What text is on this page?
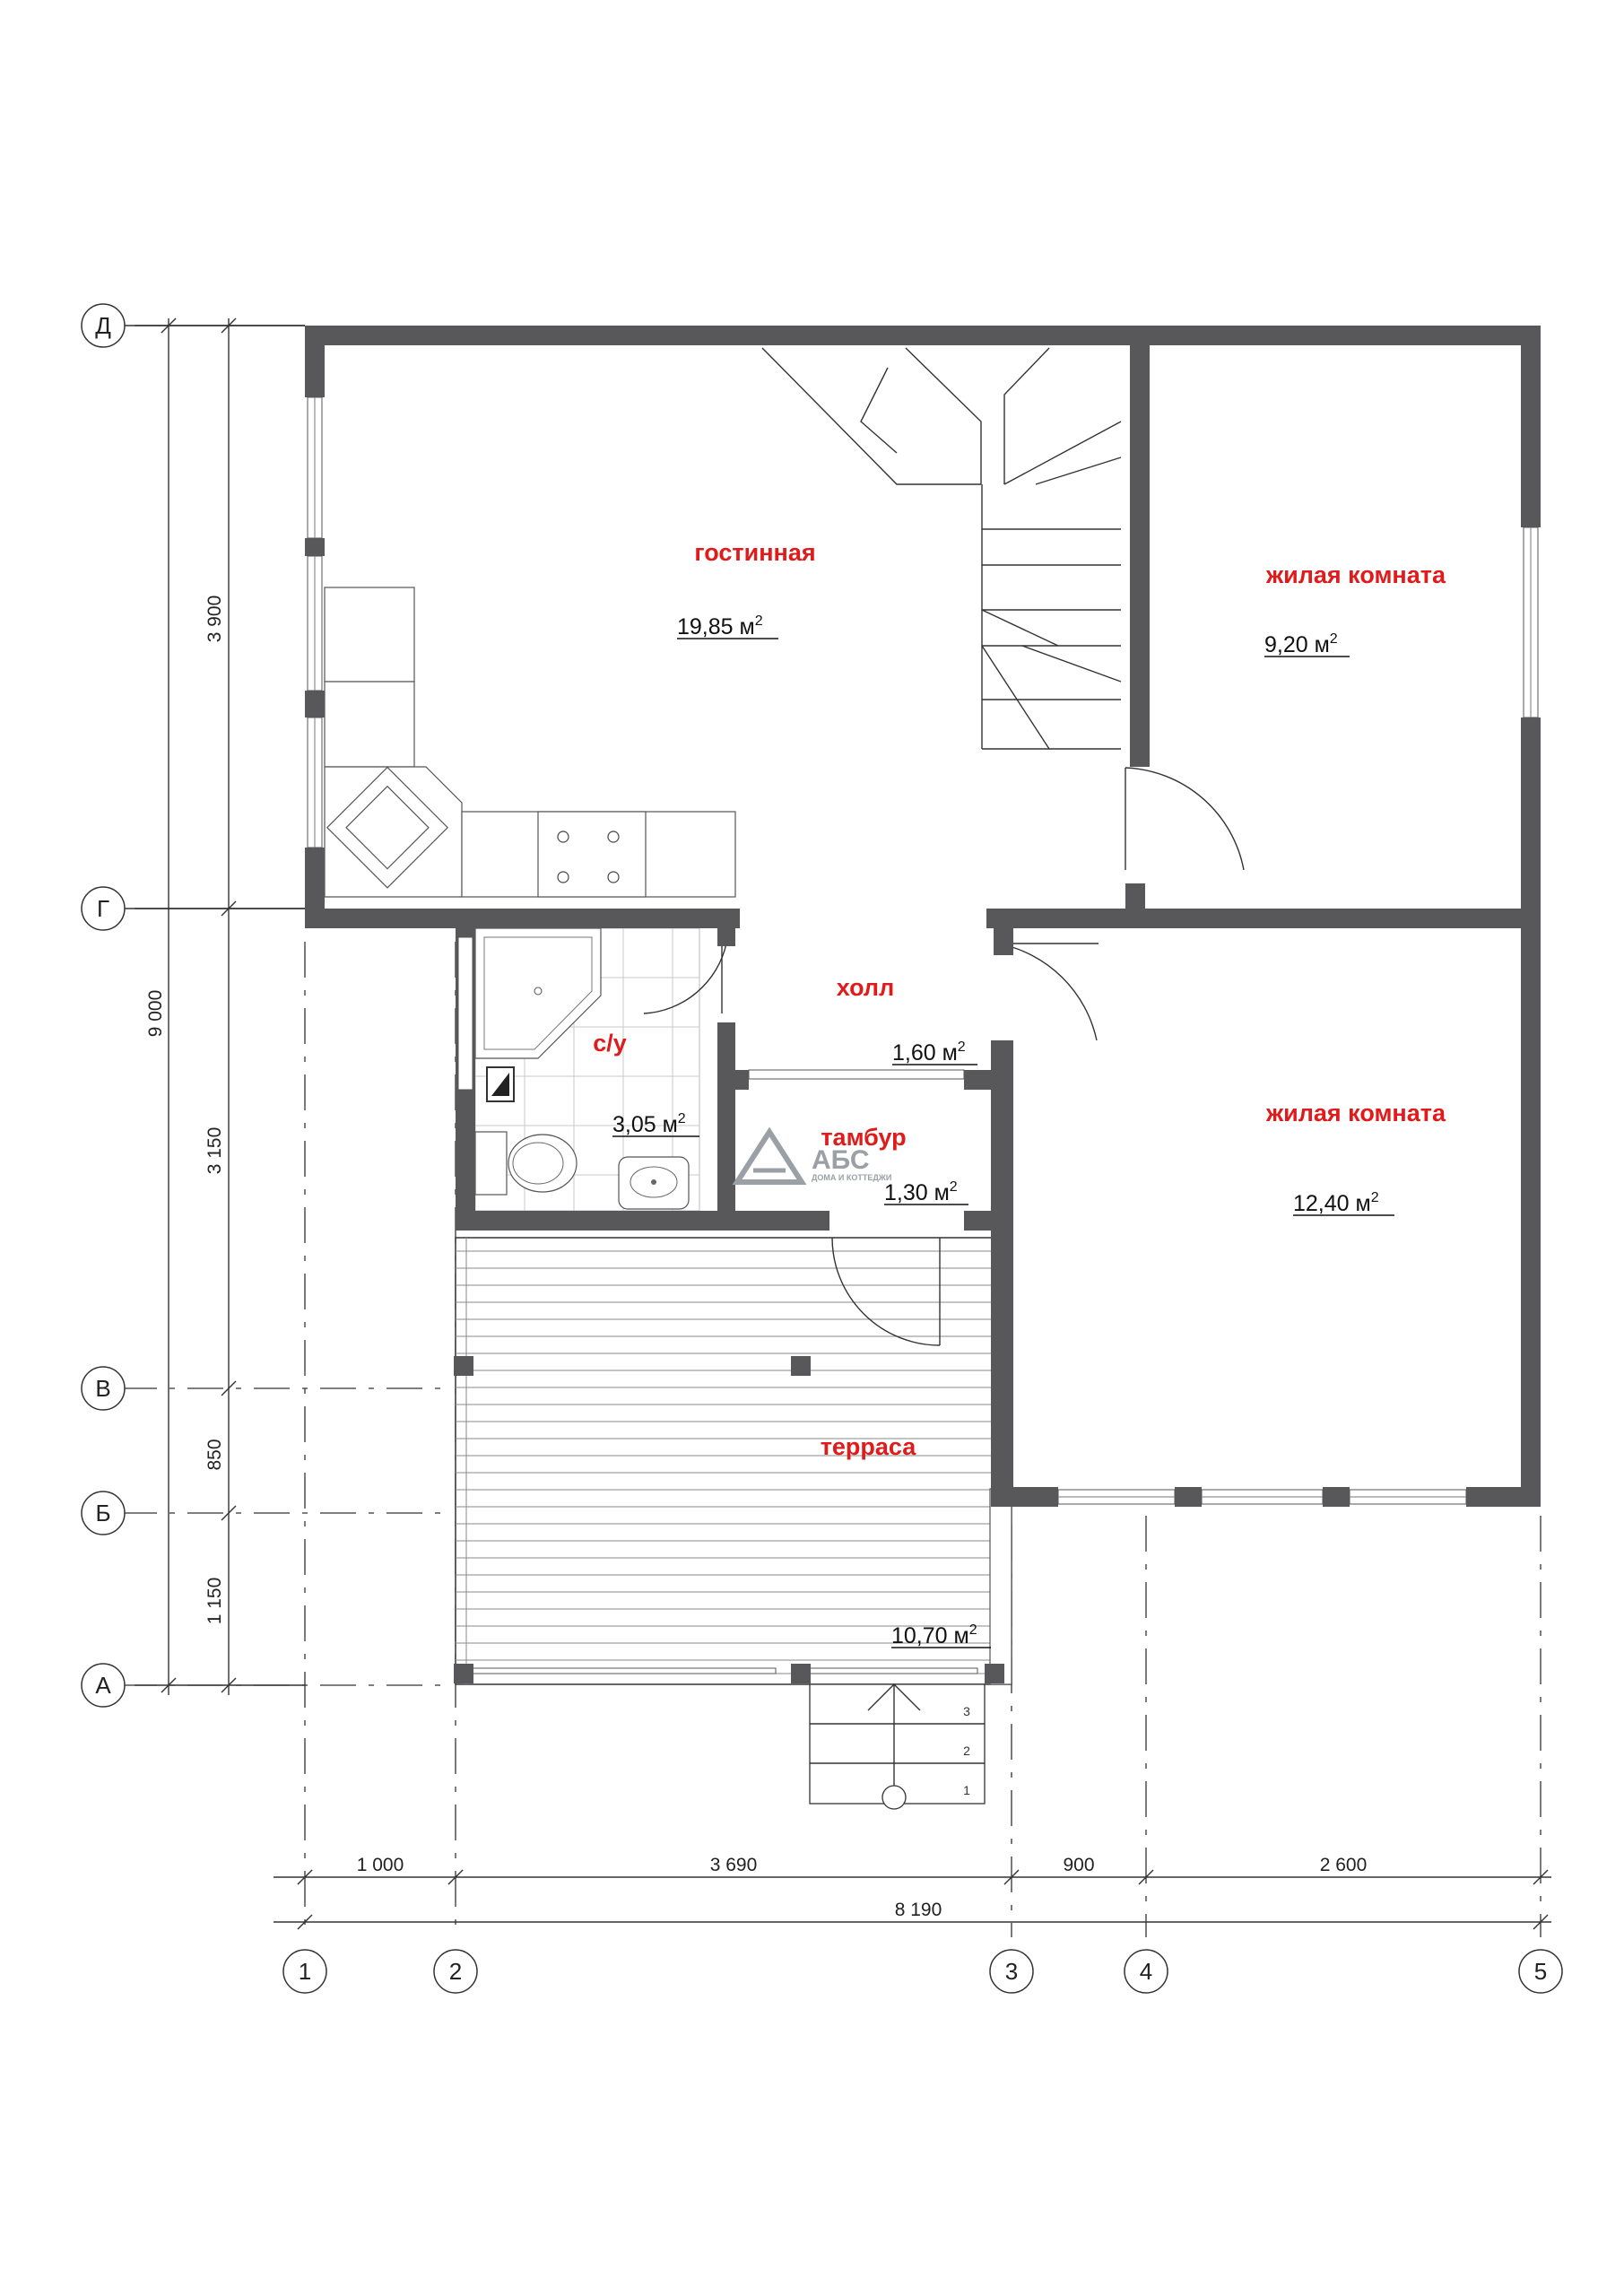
3 900
3 150
850
1 150
9 000
Д
Г
В
Б
А
1 000	3 690	900	2 600
8 190
1	2	3	4	5
3
2
1
АБС
ДОМА И КОТТЕДЖИ
гостинная
19,85 $м^2$
жилая комната
9,20 $м^2$
холл
1,60 $м^2$
с/у
3,05 $м^2$
тамбур
1,30 $м^2$
жилая комната
12,40 $м^2$
терраса
10,70 $м^2$
